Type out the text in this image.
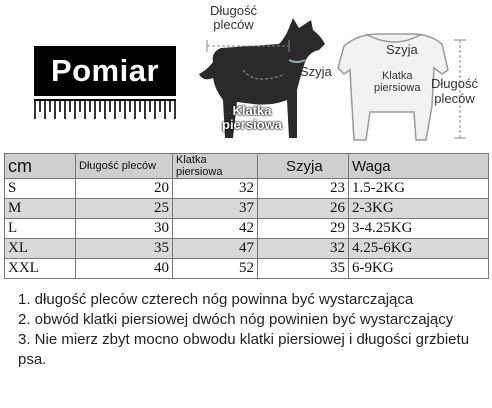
Pomiar
Długość
pleców
Szyja
Klatka
piersiowa
Szyja
Klatka
piersiowa Długość
pleców
cm	Długość pleców	Klatka piersiowa	Szyja	Waga
S	20	32	23	1.5-2KG
M	25	37	26	2-3KG
L	30	42	29	3-4.25KG
XL	35	47	32	4.25-6KG
XXL	40	52	35	6-9KG
1. długość pleców czterech nóg powinna być wystarczająca
2. obwód klatki piersiowej dwóch nóg powinien być wystarczający
3. Nie mierz zbyt mocno obwodu klatki piersiowej i długości grzbietu psa.
